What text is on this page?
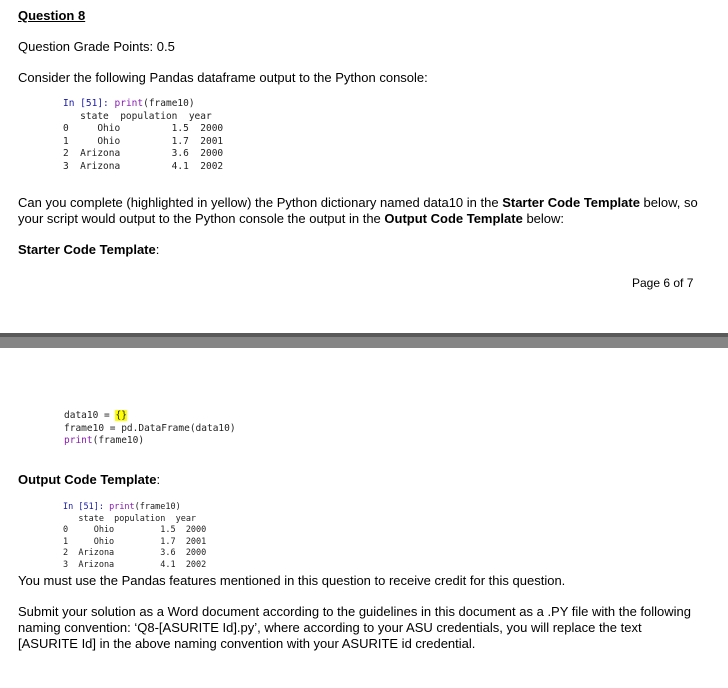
Question 8
Question Grade Points: 0.5
Consider the following Pandas dataframe output to the Python console:
In [51]: print(frame10)
state  population  year
0     Ohio         1.5  2000
1     Ohio         1.7  2001
2  Arizona         3.6  2000
3  Arizona         4.1  2002
Can you complete (highlighted in yellow) the Python dictionary named data10 in the Starter Code Template below, so your script would output to the Python console the output in the Output Code Template below:
Starter Code Template:
Page 6 of 7
data10 = {}
frame10 = pd.DataFrame(data10)
print(frame10)
Output Code Template:
In [51]: print(frame10)
state  population  year
0     Ohio         1.5  2000
1     Ohio         1.7  2001
2  Arizona         3.6  2000
3  Arizona         4.1  2002
You must use the Pandas features mentioned in this question to receive credit for this question.
Submit your solution as a Word document according to the guidelines in this document as a .PY file with the following naming convention: ‘Q8-[ASURITE Id].py’, where according to your ASU credentials, you will replace the text [ASURITE Id] in the above naming convention with your ASURITE id credential.
